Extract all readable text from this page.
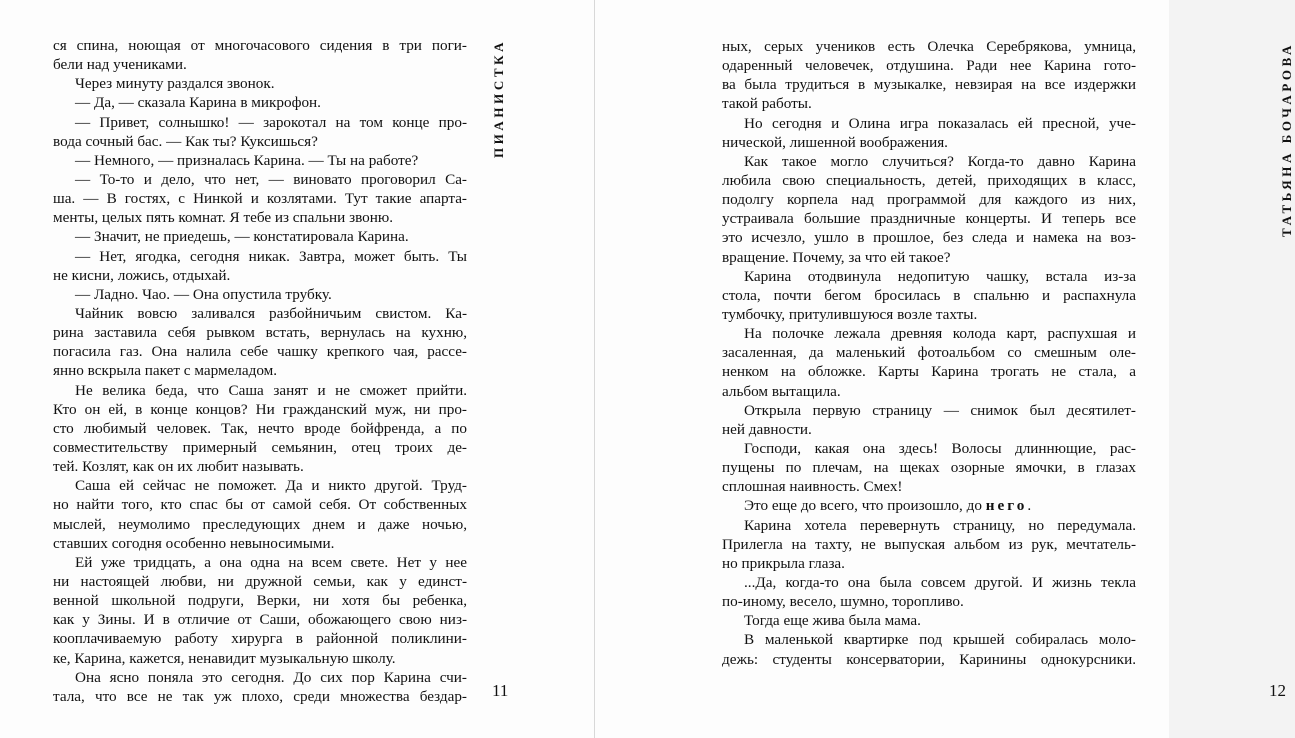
ся спина, ноющая от многочасового сидения в три поги-
бели над учениками.
Через минуту раздался звонок.
— Да, — сказала Карина в микрофон.
— Привет, солнышко! — зарокотал на том конце про-
вода сочный бас. — Как ты? Куксишься?
— Немного, — призналась Карина. — Ты на работе?
— То-то и дело, что нет, — виновато проговорил Са-
ша. — В гостях, с Нинкой и козлятами. Тут такие апарта-
менты, целых пять комнат. Я тебе из спальни звоню.
— Значит, не приедешь, — констатировала Карина.
— Нет, ягодка, сегодня никак. Завтра, может быть. Ты
не кисни, ложись, отдыхай.
— Ладно. Чао. — Она опустила трубку.
Чайник вовсю заливался разбойничьим свистом. Ка-
рина заставила себя рывком встать, вернулась на кухню,
погасила газ. Она налила себе чашку крепкого чая, рассе-
янно вскрыла пакет с мармеладом.
Не велика беда, что Саша занят и не сможет прийти.
Кто он ей, в конце концов? Ни гражданский муж, ни про-
сто любимый человек. Так, нечто вроде бойфренда, а по
совместительству примерный семьянин, отец троих де-
тей. Козлят, как он их любит называть.
Саша ей сейчас не поможет. Да и никто другой. Труд-
но найти того, кто спас бы от самой себя. От собственных
мыслей, неумолимо преследующих днем и даже ночью,
ставших согодня особенно невыносимыми.
Ей уже тридцать, а она одна на всем свете. Нет у нее
ни настоящей любви, ни дружной семьи, как у единст-
венной школьной подруги, Верки, ни хотя бы ребенка,
как у Зины. И в отличие от Саши, обожающего свою низ-
кооплачиваемую работу хирурга в районной поликлини-
ке, Карина, кажется, ненавидит музыкальную школу.
Она ясно поняла это сегодня. До сих пор Карина счи-
тала, что все не так уж плохо, среди множества бездар-
ПИАНИСТКА
11
ных, серых учеников есть Олечка Серебрякова, умница,
одаренный человечек, отдушина. Ради нее Карина гото-
ва была трудиться в музыкалке, невзирая на все издержки
такой работы.
Но сегодня и Олина игра показалась ей пресной, уче-
нической, лишенной воображения.
Как такое могло случиться? Когда-то давно Карина
любила свою специальность, детей, приходящих в класс,
подолгу корпела над программой для каждого из них,
устраивала большие праздничные концерты. И теперь все
это исчезло, ушло в прошлое, без следа и намека на воз-
вращение. Почему, за что ей такое?
Карина отодвинула недопитую чашку, встала из-за
стола, почти бегом бросилась в спальню и распахнула
тумбочку, притулившуюся возле тахты.
На полочке лежала древняя колода карт, распухшая и
засаленная, да маленький фотоальбом со смешным оле-
ненком на обложке. Карты Карина трогать не стала, а
альбом вытащила.
Открыла первую страницу — снимок был десятилет-
ней давности.
Господи, какая она здесь! Волосы длиннющие, рас-
пущены по плечам, на щеках озорные ямочки, в глазах
сплошная наивность. Смех!
Это еще до всего, что произошло, до него.
Карина хотела перевернуть страницу, но передумала.
Прилегла на тахту, не выпуская альбом из рук, мечтатель-
но прикрыла глаза.
...Да, когда-то она была совсем другой. И жизнь текла
по-иному, весело, шумно, торопливо.
Тогда еще жива была мама.
В маленькой квартирке под крышей собиралась моло-
дежь: студенты консерватории, Каринины однокурсники.
ТАТЬЯНА БОЧАРОВА
12
